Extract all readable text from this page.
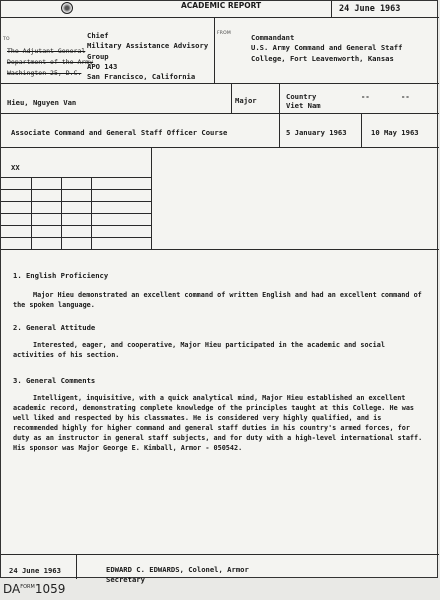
ACADEMIC REPORT	24 June 1963
TO
The Adjutant General
Department of the Army
Washington 25, D.C.
Chief
Military Assistance Advisory
Group
APO 143
San Francisco, California
FROM	Commandant
U.S. Army Command and General Staff
College, Fort Leavenworth, Kansas
Hieu, Nguyen Van	Major	Country
Viet Nam
--	--
Associate Command and General Staff Officer Course	5 January 1963	10 May 1963
XX
1. English Proficiency
Major Hieu demonstrated an excellent command of written English and had an excellent command of the spoken language.
2. General Attitude
Interested, eager, and cooperative, Major Hieu participated in the academic and social activities of his section.
3. General Comments
Intelligent, inquisitive, with a quick analytical mind, Major Hieu established an excellent academic record, demonstrating complete knowledge of the principles taught at this College. He was well liked and respected by his classmates. He is considered very highly qualified, and is recommended highly for higher command and general staff duties in his country's armed forces, for duty as an instructor in general staff subjects, and for duty with a high-level international staff. His sponsor was Major George E. Kimball, Armor - 050542.
24 June 1963	EDWARD C. EDWARDS, Colonel, Armor
Secretary
$DA^{FORM}1059$
